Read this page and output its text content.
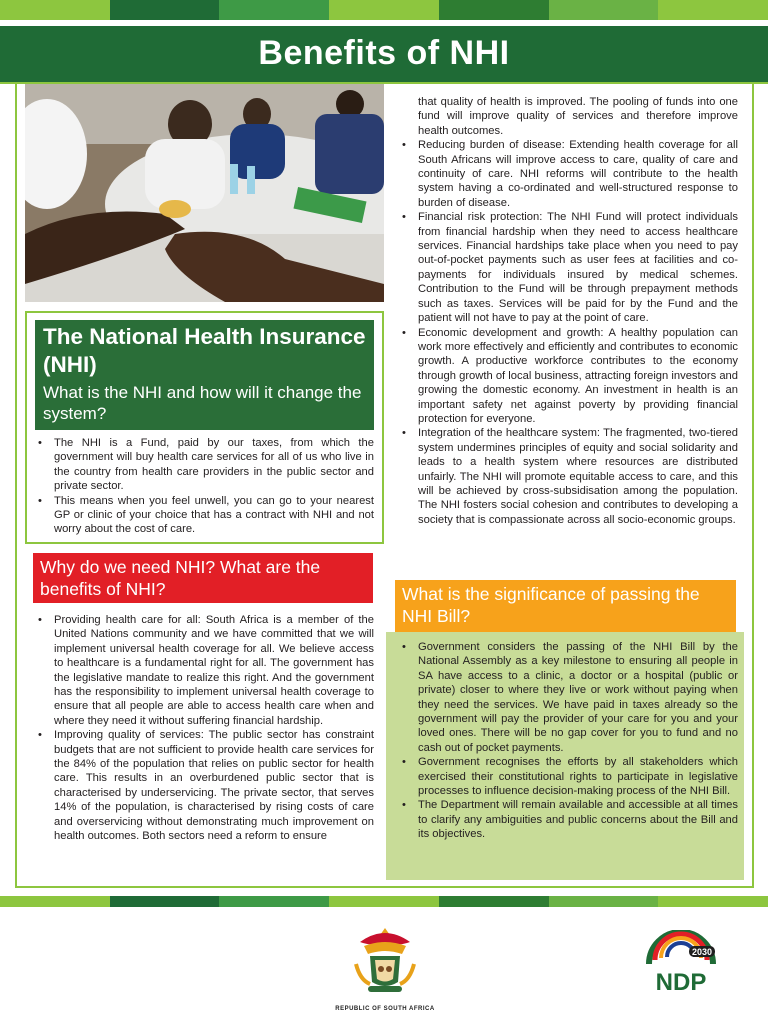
Benefits of NHI
The National Health Insurance (NHI)
What is the NHI and how will it change the system?
• The NHI is a Fund, paid by our taxes, from which the government will buy health care services for all of us who live in the country from health care providers in the public sector and private sector.
• This means when you feel unwell, you can go to your nearest GP or clinic of your choice that has a contract with NHI and not worry about the cost of care.
Why do we need NHI? What are the benefits of NHI?
• Providing health care for all: South Africa is a member of the United Nations community and we have committed that we will implement universal health coverage for all. We believe access to healthcare is a fundamental right for all. The government has the legislative mandate to realize this right. And the government has the responsibility to implement universal health coverage to ensure that all people are able to access health care when and where they need it without suffering financial hardship.
• Improving quality of services: The public sector has constraint budgets that are not sufficient to provide health care services for the 84% of the population that relies on public sector for health care. This results in an overburdened public sector that is characterised by underservicing. The private sector, that serves 14% of the population, is characterised by rising costs of care and overservicing without demonstrating much improvement on health outcomes. Both sectors need a reform to ensure
that quality of health is improved. The pooling of funds into one fund will improve quality of services and therefore improve health outcomes.
• Reducing burden of disease: Extending health coverage for all South Africans will improve access to care, quality of care and continuity of care. NHI reforms will contribute to the health system having a co-ordinated and well-structured response to burden of disease.
• Financial risk protection: The NHI Fund will protect individuals from financial hardship when they need to access healthcare services. Financial hardships take place when you need to pay out-of-pocket payments such as user fees at facilities and co-payments for individuals insured by medical schemes. Contribution to the Fund will be through prepayment methods such as taxes. Services will be paid for by the Fund and the patient will not have to pay at the point of care.
• Economic development and growth: A healthy population can work more effectively and efficiently and contributes to economic growth. A productive workforce contributes to the economy through growth of local business, attracting foreign investors and growing the domestic economy. An investment in health is an important safety net against poverty by providing financial protection for everyone.
• Integration of the healthcare system: The fragmented, two-tiered system undermines principles of equity and social solidarity and leads to a health system where resources are distributed unfairly. The NHI will promote equitable access to care, and this will be achieved by cross-subsidisation among the population. The NHI fosters social cohesion and contributes to developing a society that is compassionate across all socio-economic groups.
What is the significance of passing the NHI Bill?
• Government considers the passing of the NHI Bill by the National Assembly as a key milestone to ensuring all people in SA have access to a clinic, a doctor or a hospital (public or private) closer to where they live or work without paying when they need the services. We have paid in taxes already so the government will pay the provider of your care for you and your loved ones. There will be no gap cover for you to fund and no cash out of pocket payments.
• Government recognises the efforts by all stakeholders which exercised their constitutional rights to participate in legislative processes to influence decision-making process of the NHI Bill.
• The Department will remain available and accessible at all times to clarify any ambiguities and public concerns about the Bill and its objectives.
REPUBLIC OF SOUTH AFRICA
2030
NDP
